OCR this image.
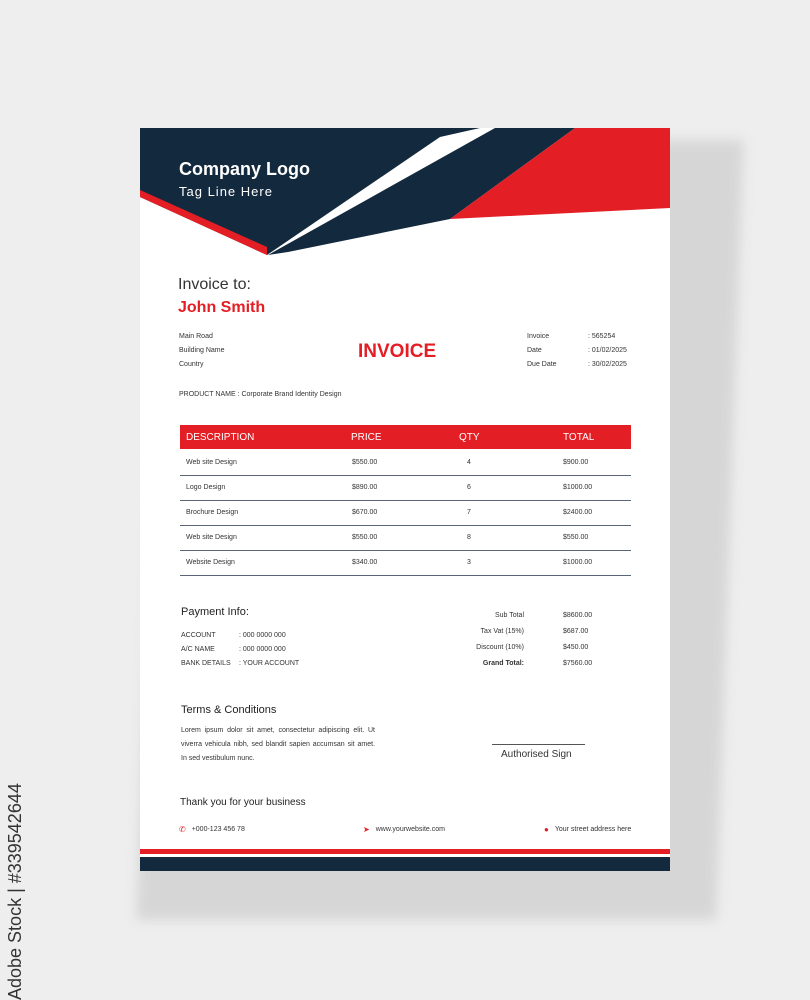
Company Logo
Tag Line Here
Invoice to:
John Smith
Main Road
Building Name
Country
INVOICE
Invoice	: 565254
Date	: 01/02/2025
Due Date	: 30/02/2025
PRODUCT NAME : Corporate Brand Identity Design
DESCRIPTION	PRICE	QTY	TOTAL
Web site Design	$550.00	4	$900.00
Logo Design	$890.00	6	$1000.00
Brochure Design	$670.00	7	$2400.00
Web site Design	$550.00	8	$550.00
Website Design	$340.00	3	$1000.00
Payment Info:
ACCOUNT	: 000 0000 000
A/C NAME	: 000 0000 000
BANK DETAILS : YOUR ACCOUNT
Sub Total	$8600.00
Tax Vat (15%)	$687.00
Discount (10%)	$450.00
Grand Total:	$7560.00
Terms & Conditions
Lorem ipsum dolor sit amet, consectetur adipiscing elit. Ut viverra vehicula nibh, sed blandit sapien accumsan sit amet. In sed vestibulum nunc.	Authorised Sign
Thank you for your business
✆ +000-123 456 78	➤ www.yourwebsite.com	● Your street address here
Adobe Stock | #339542644
